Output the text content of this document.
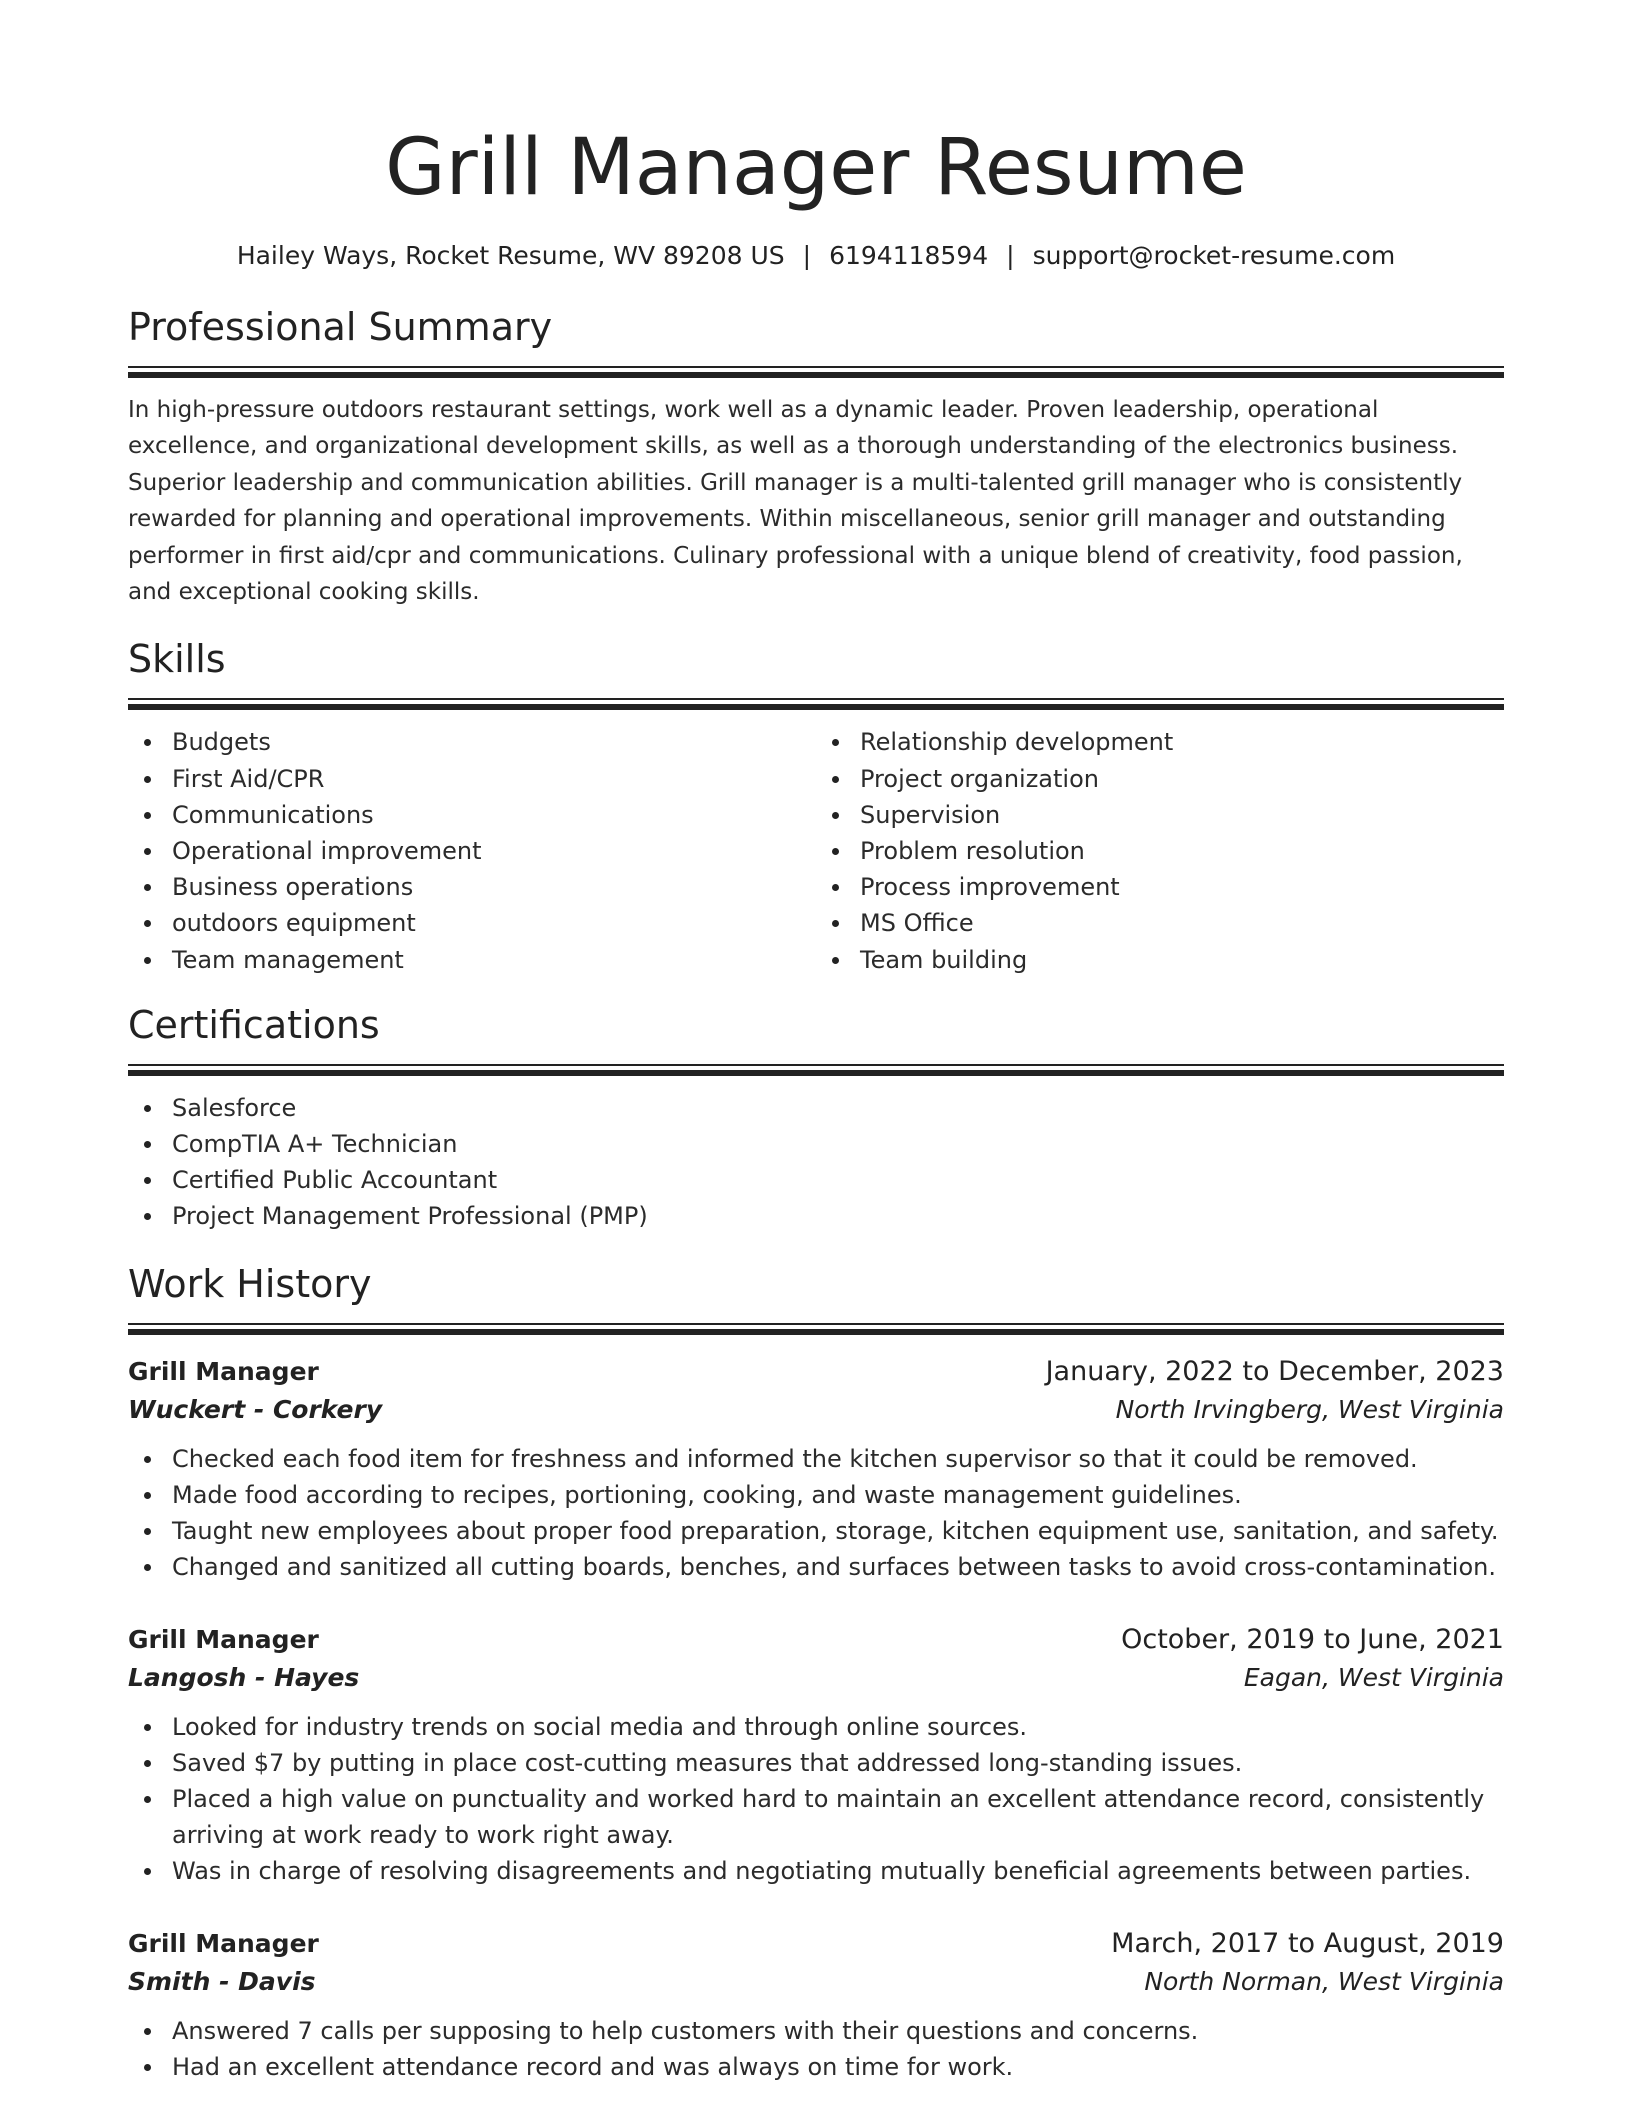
Grill Manager Resume
Hailey Ways, Rocket Resume, WV 89208 US | 6194118594 | support@rocket-resume.com
Professional Summary

In high-pressure outdoors restaurant settings, work well as a dynamic leader. Proven leadership, operational excellence, and organizational development skills, as well as a thorough understanding of the electronics business. Superior leadership and communication abilities. Grill manager is a multi-talented grill manager who is consistently rewarded for planning and operational improvements. Within miscellaneous, senior grill manager and outstanding performer in first aid/cpr and communications. Culinary professional with a unique blend of creativity, food passion, and exceptional cooking skills.

Skills
Budgets
First Aid/CPR
Communications
Operational improvement
Business operations
outdoors equipment
Team management
Relationship development
Project organization
Supervision
Problem resolution
Process improvement
MS Office
Team building
Certifications
Salesforce
CompTIA A+ Technician
Certified Public Accountant
Project Management Professional (PMP)
Work History
Grill Manager	January, 2022 to December, 2023
Wuckert - Corkery	North Irvingberg, West Virginia
Checked each food item for freshness and informed the kitchen supervisor so that it could be removed.
Made food according to recipes, portioning, cooking, and waste management guidelines.
Taught new employees about proper food preparation, storage, kitchen equipment use, sanitation, and safety.
Changed and sanitized all cutting boards, benches, and surfaces between tasks to avoid cross-contamination.
Grill Manager	October, 2019 to June, 2021
Langosh - Hayes	Eagan, West Virginia
Looked for industry trends on social media and through online sources.
Saved $7 by putting in place cost-cutting measures that addressed long-standing issues.
Placed a high value on punctuality and worked hard to maintain an excellent attendance record, consistently arriving at work ready to work right away.
Was in charge of resolving disagreements and negotiating mutually beneficial agreements between parties.
Grill Manager	March, 2017 to August, 2019
Smith - Davis	North Norman, West Virginia
Answered 7 calls per supposing to help customers with their questions and concerns.
Had an excellent attendance record and was always on time for work.
